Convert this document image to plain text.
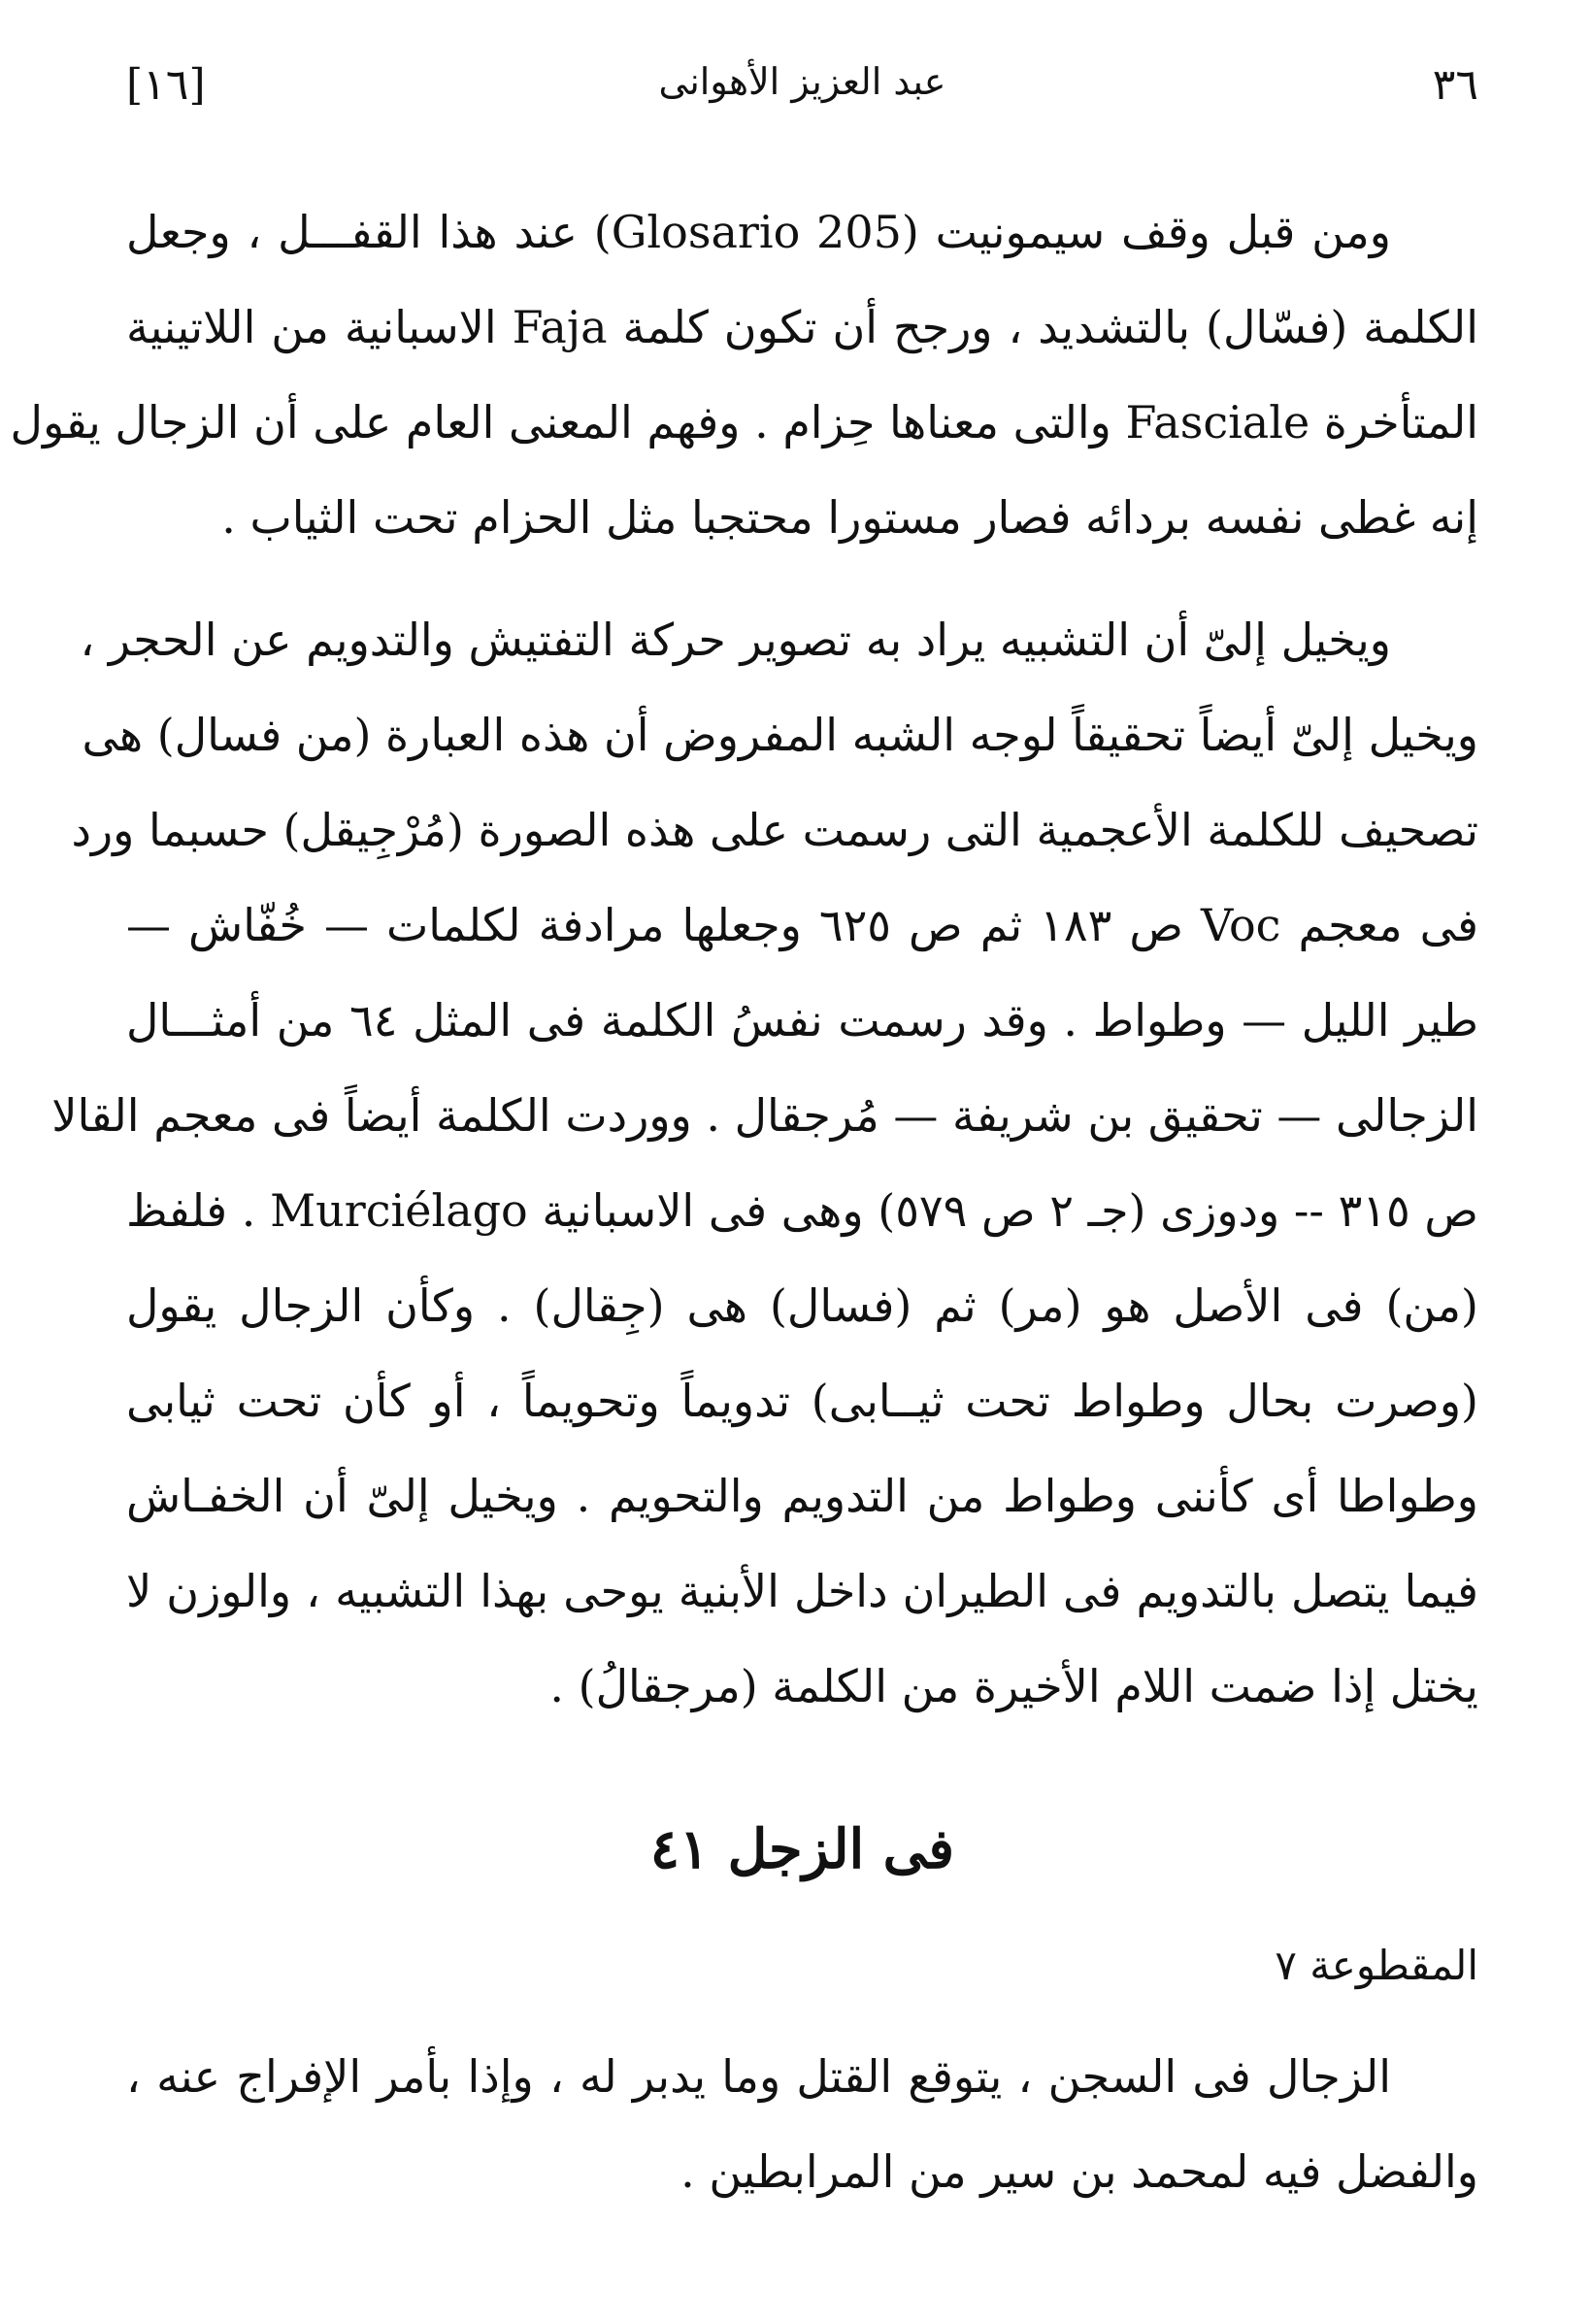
٣٦
عبد العزيز الأهوانى
[١٦]

ومن قبل وقف سيمونيت (Glosario 205) عند هذا القفـــل ، وجعل
الكلمة (فسّال) بالتشديد ، ورجح أن تكون كلمة Faja الاسبانية من اللاتينية
المتأخرة Fasciale والتى معناها حِزام . وفهم المعنى العام على أن الزجال يقول
إنه غطى نفسه بردائه فصار مستورا محتجبا مثل الحزام تحت الثياب .

ويخيل إلىّ أن التشبيه يراد به تصوير حركة التفتيش والتدويم عن الحجر ،
ويخيل إلىّ أيضاً تحقيقاً لوجه الشبه المفروض أن هذه العبارة (من فسال) هى
تصحيف للكلمة الأعجمية التى رسمت على هذه الصورة (مُرْجِيقل) حسبما ورد
فى معجم Voc ص ١٨٣ ثم ص ٦٢٥ وجعلها مرادفة لكلمات — خُفّاش —
طير الليل — وطواط . وقد رسمت نفسُ الكلمة فى المثل ٦٤ من أمثـــال
الزجالى — تحقيق بن شريفة — مُرجقال . ووردت الكلمة أيضاً فى معجم القالا
ص ٣١٥ -- ودوزى (جـ ٢ ص ٥٧٩) وهى فى الاسبانية Murciélago . فلفظ
(من) فى الأصل هو (مر) ثم (فسال) هى (جِقال) . وكأن الزجال يقول
(وصرت بحال وطواط تحت ثيــابى) تدويماً وتحويماً ، أو كأن تحت ثيابى
وطواطا أى كأننى وطواط من التدويم والتحويم . ويخيل إلىّ أن الخفـاش
فيما يتصل بالتدويم فى الطيران داخل الأبنية يوحى بهذا التشبيه ، والوزن لا
يختل إذا ضمت اللام الأخيرة من الكلمة (مرجقالُ) .

فى الزجل ٤١
المقطوعة ٧

الزجال فى السجن ، يتوقع القتل وما يدبر له ، وإذا بأمر الإفراج عنه ،
والفضل فيه لمحمد بن سير من المرابطين .
